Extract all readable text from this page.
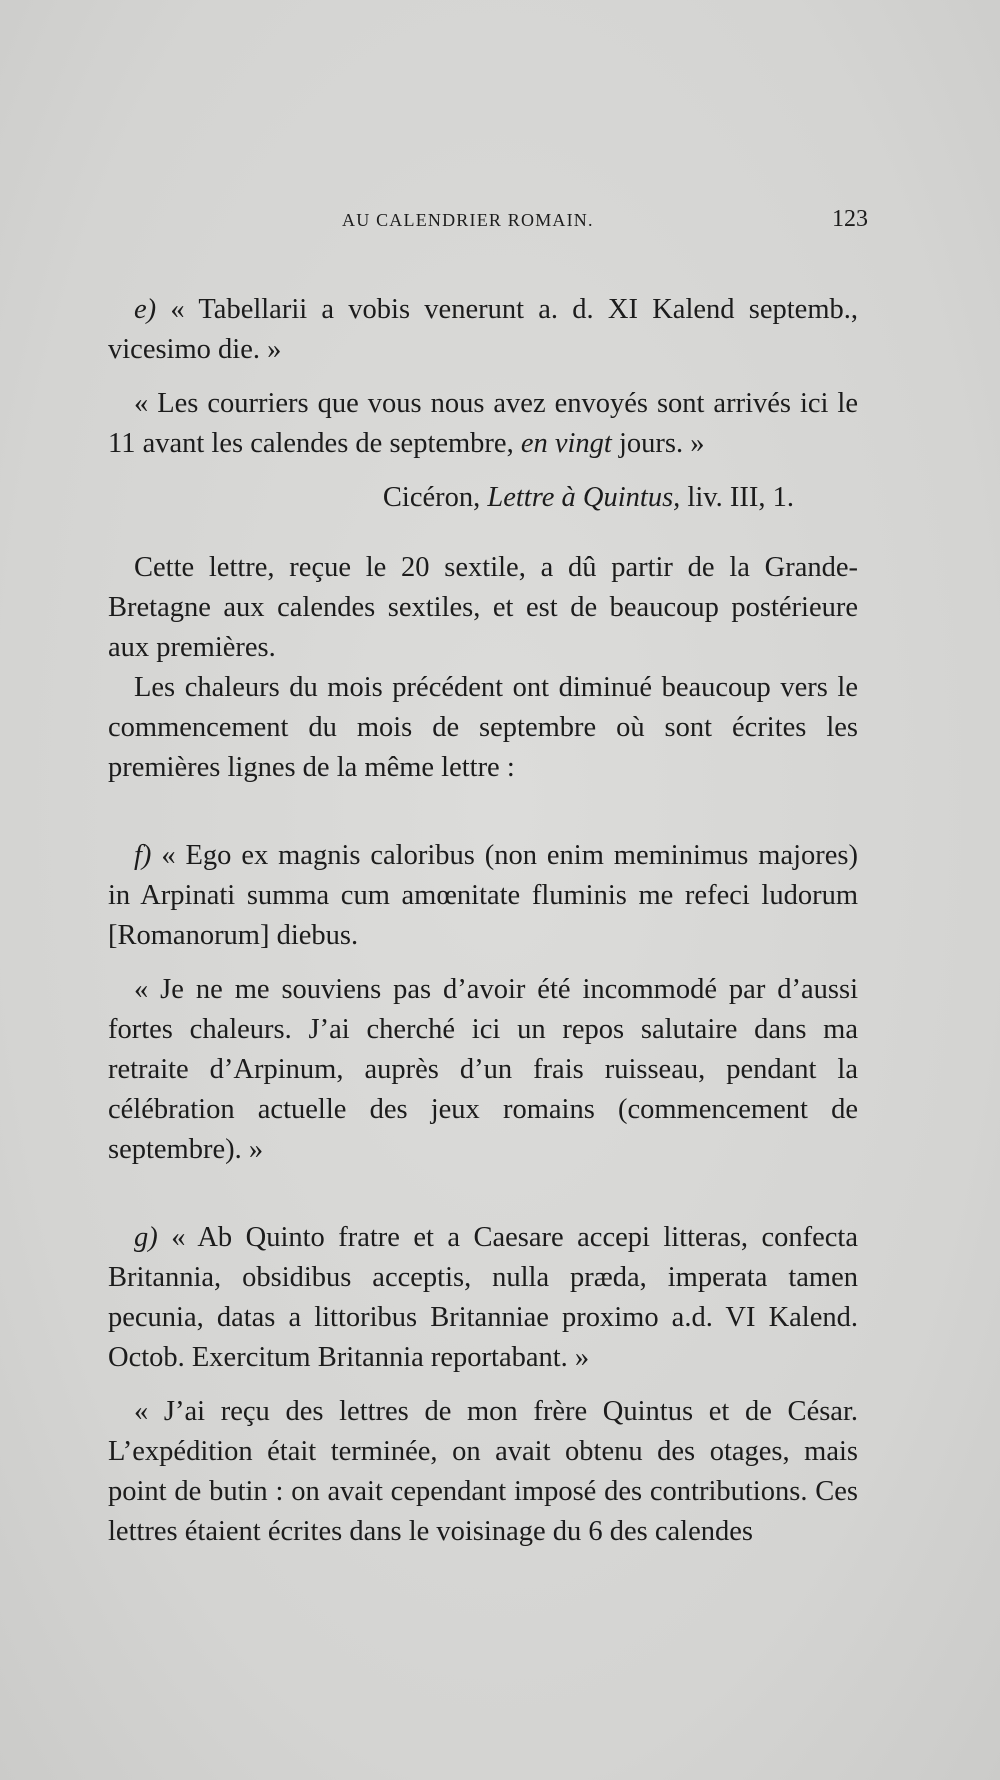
AU CALENDRIER ROMAIN.	123

e) « Tabellarii a vobis venerunt a. d. XI Kalend septemb., vicesimo die. »

« Les courriers que vous nous avez envoyés sont arrivés ici le 11 avant les calendes de septembre, en vingt jours. »

Cicéron, Lettre à Quintus, liv. III, 1.

Cette lettre, reçue le 20 sextile, a dû partir de la Grande-Bretagne aux calendes sextiles, et est de beaucoup postérieure aux premières.

Les chaleurs du mois précédent ont diminué beaucoup vers le commencement du mois de septembre où sont écrites les premières lignes de la même lettre :

f) « Ego ex magnis caloribus (non enim meminimus majores) in Arpinati summa cum amœnitate fluminis me refeci ludorum [Romanorum] diebus.

« Je ne me souviens pas d’avoir été incommodé par d’aussi fortes chaleurs. J’ai cherché ici un repos salutaire dans ma retraite d’Arpinum, auprès d’un frais ruisseau, pendant la célébration actuelle des jeux romains (commencement de septembre). »

g) « Ab Quinto fratre et a Caesare accepi litteras, confecta Britannia, obsidibus acceptis, nulla præda, imperata tamen pecunia, datas a littoribus Britanniae proximo a.d. VI Kalend. Octob. Exercitum Britannia reportabant. »

« J’ai reçu des lettres de mon frère Quintus et de César. L’expédition était terminée, on avait obtenu des otages, mais point de butin : on avait cependant imposé des contributions. Ces lettres étaient écrites dans le voisinage du 6 des calendes
